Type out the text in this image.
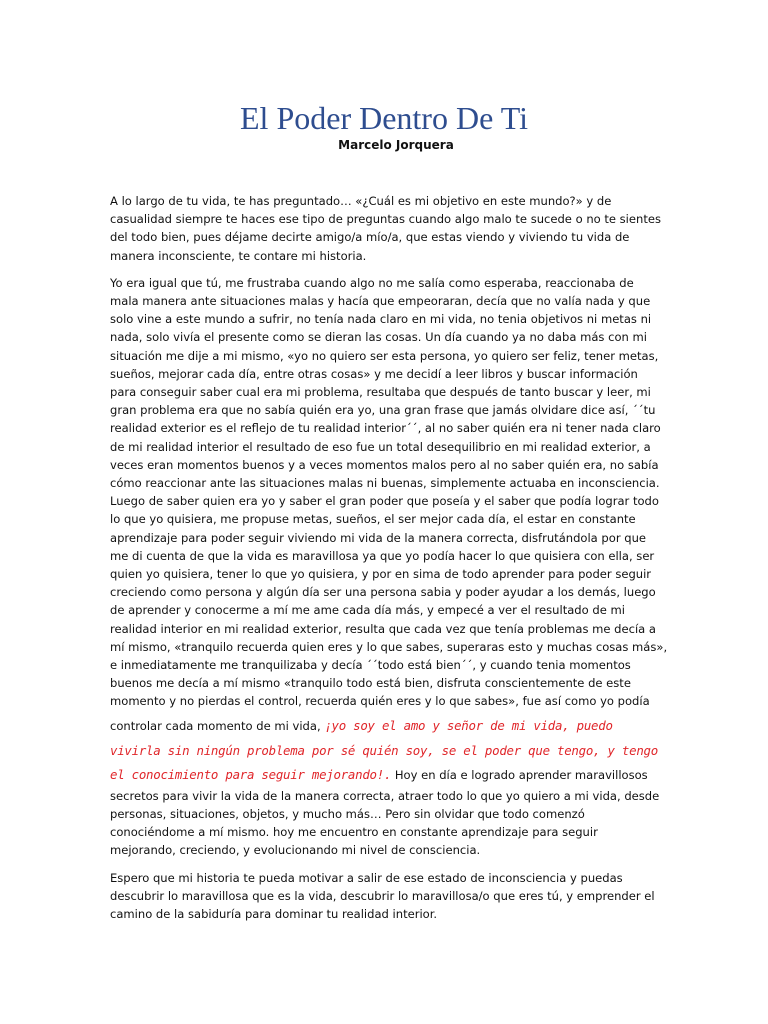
El Poder Dentro De Ti
Marcelo Jorquera

A lo largo de tu vida, te has preguntado… «¿Cuál es mi objetivo en este mundo?» y de
casualidad siempre te haces ese tipo de preguntas cuando algo malo te sucede o no te sientes
del todo bien, pues déjame decirte amigo/a mío/a, que estas viendo y viviendo tu vida de
manera inconsciente, te contare mi historia.

Yo era igual que tú, me frustraba cuando algo no me salía como esperaba, reaccionaba de
mala manera ante situaciones malas y hacía que empeoraran, decía que no valía nada y que
solo vine a este mundo a sufrir, no tenía nada claro en mi vida, no tenia objetivos ni metas ni
nada, solo vivía el presente como se dieran las cosas. Un día cuando ya no daba más con mi
situación me dije a mi mismo, «yo no quiero ser esta persona, yo quiero ser feliz, tener metas,
sueños, mejorar cada día, entre otras cosas» y me decidí a leer libros y buscar información
para conseguir saber cual era mi problema, resultaba que después de tanto buscar y leer, mi
gran problema era que no sabía quién era yo, una gran frase que jamás olvidare dice así, ´´tu
realidad exterior es el reflejo de tu realidad interior´´, al no saber quién era ni tener nada claro
de mi realidad interior el resultado de eso fue un total desequilibrio en mi realidad exterior, a
veces eran momentos buenos y a veces momentos malos pero al no saber quién era, no sabía
cómo reaccionar ante las situaciones malas ni buenas, simplemente actuaba en inconsciencia.
Luego de saber quien era yo y saber el gran poder que poseía y el saber que podía lograr todo
lo que yo quisiera, me propuse metas, sueños, el ser mejor cada día, el estar en constante
aprendizaje para poder seguir viviendo mi vida de la manera correcta, disfrutándola por que
me di cuenta de que la vida es maravillosa ya que yo podía hacer lo que quisiera con ella, ser
quien yo quisiera, tener lo que yo quisiera, y por en sima de todo aprender para poder seguir
creciendo como persona y algún día ser una persona sabia y poder ayudar a los demás, luego
de aprender y conocerme a mí me ame cada día más, y empecé a ver el resultado de mi
realidad interior en mi realidad exterior, resulta que cada vez que tenía problemas me decía a
mí mismo, «tranquilo recuerda quien eres y lo que sabes, superaras esto y muchas cosas más»,
e inmediatamente me tranquilizaba y decía ´´todo está bien´´, y cuando tenia momentos
buenos me decía a mí mismo «tranquilo todo está bien, disfruta conscientemente de este
momento y no pierdas el control, recuerda quién eres y lo que sabes», fue así como yo podía
controlar cada momento de mi vida, ¡yo soy el amo y señor de mi vida, puedo
vivirla sin ningún problema por sé quién soy, se el poder que tengo, y tengo
el conocimiento para seguir mejorando!. Hoy en día e logrado aprender maravillosos
secretos para vivir la vida de la manera correcta, atraer todo lo que yo quiero a mi vida, desde
personas, situaciones, objetos, y mucho más… Pero sin olvidar que todo comenzó
conociéndome a mí mismo. hoy me encuentro en constante aprendizaje para seguir
mejorando, creciendo, y evolucionando mi nivel de consciencia.

Espero que mi historia te pueda motivar a salir de ese estado de inconsciencia y puedas
descubrir lo maravillosa que es la vida, descubrir lo maravillosa/o que eres tú, y emprender el
camino de la sabiduría para dominar tu realidad interior.
